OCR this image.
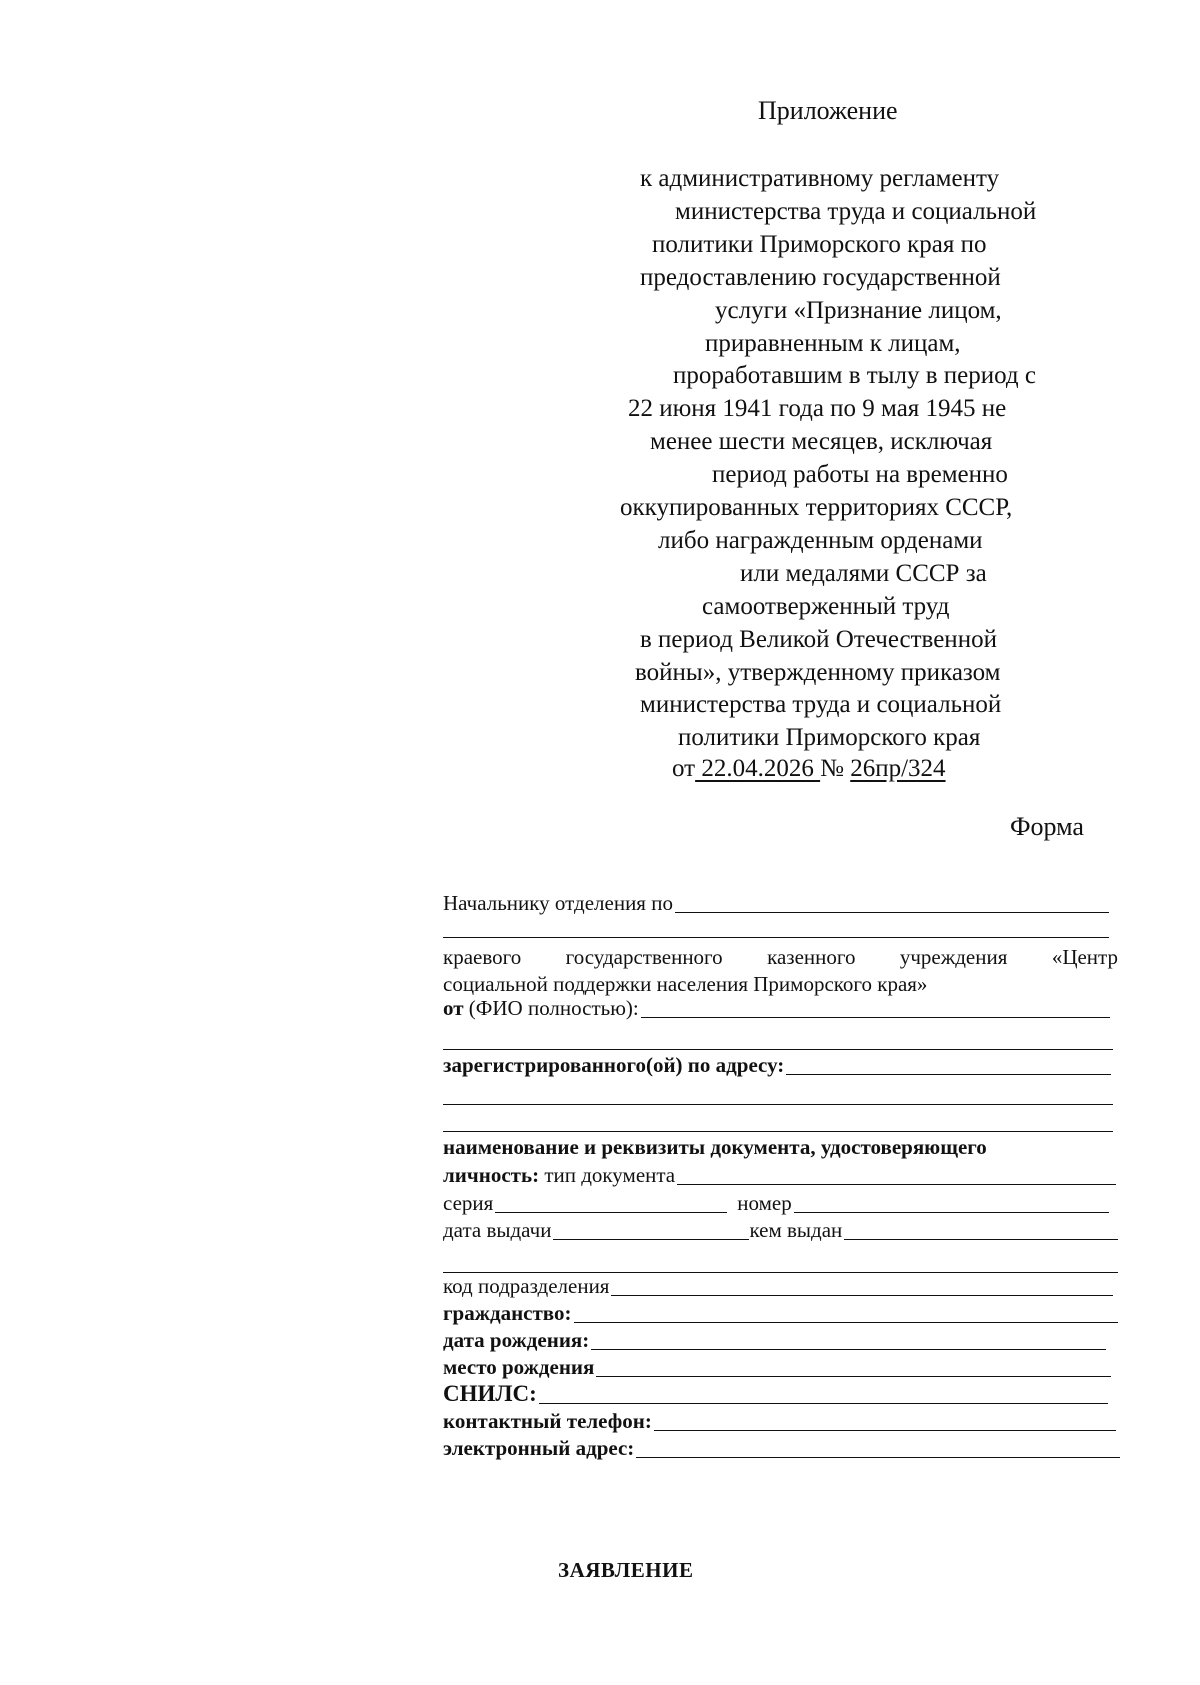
Приложение
к административному регламенту
министерства труда и социальной
политики Приморского края по
предоставлению государственной
услуги «Признание лицом,
приравненным к лицам,
проработавшим в тылу в период с
22 июня 1941 года по 9 мая 1945 не
менее шести месяцев, исключая
период работы на временно
оккупированных территориях СССР,
либо награжденным орденами
или медалями СССР за
самоотверженный труд
в период Великой Отечественной
войны», утвержденному приказом
министерства труда и социальной
политики Приморского края
от 22.04.2026 № 26пр/324
Форма
Начальнику отделения по
краевого государственного казенного учреждения «Центр
социальной поддержки населения Приморского края»
от (ФИО полностью):
зарегистрированного(ой) по адресу:
наименование и реквизиты документа, удостоверяющего
личность: тип документа
серия	номер
дата выдачи	кем выдан
код подразделения
гражданство:
дата рождения:
место рождения
СНИЛС:
контактный телефон:
электронный адрес:
ЗАЯВЛЕНИЕ
